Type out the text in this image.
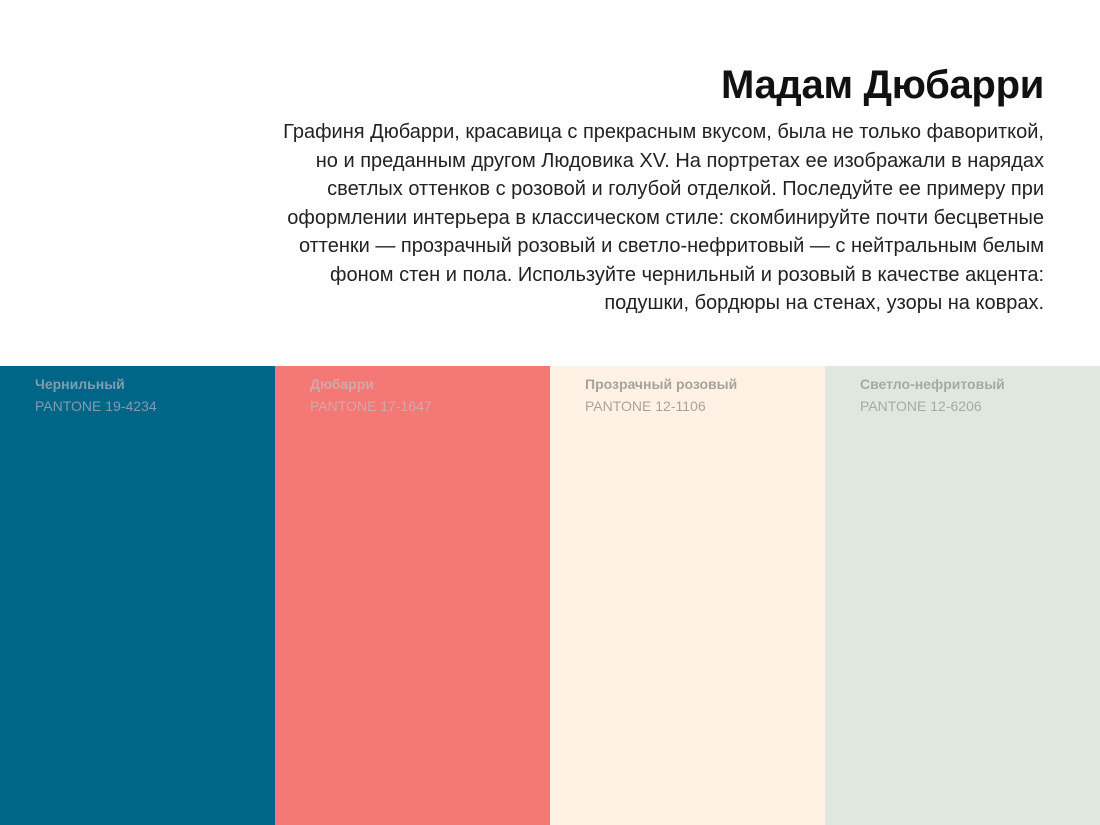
Мадам Дюбарри

Графиня Дюбарри, красавица с прекрасным вкусом, была не только фавориткой,
но и преданным другом Людовика XV. На портретах ее изображали в нарядах
светлых оттенков с розовой и голубой отделкой. Последуйте ее примеру при
оформлении интерьера в классическом стиле: скомбинируйте почти бесцветные
оттенки — прозрачный розовый и светло-нефритовый — с нейтральным белым
фоном стен и пола. Используйте чернильный и розовый в качестве акцента:
подушки, бордюры на стенах, узоры на коврах.

Чернильный
PANTONE 19-4234
Дюбарри
PANTONE 17-1647
Прозрачный розовый
PANTONE 12-1106
Светло-нефритовый
PANTONE 12-6206
